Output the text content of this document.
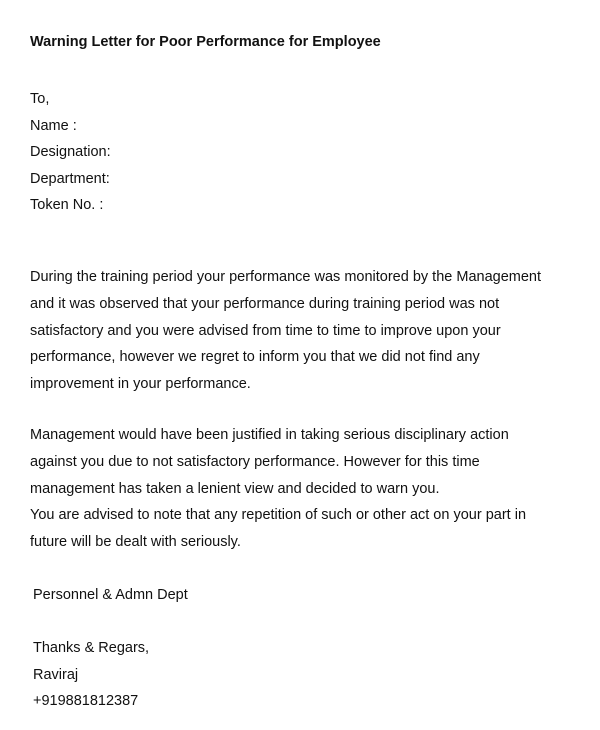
Warning Letter for Poor Performance for Employee
To,
Name :
Designation:
Department:
Token No. :
During the training period your performance was monitored by the Management
and it was observed that your performance during training period was not
satisfactory and you were advised from time to time to improve upon your
performance, however we regret to inform you that we did not find any
improvement in your performance.
Management would have been justified in taking serious disciplinary action
against you due to not satisfactory performance. However for this time
management has taken a lenient view and decided to warn you.
You are advised to note that any repetition of such or other act on your part in
future will be dealt with seriously.
Personnel & Admn Dept
Thanks & Regars,
Raviraj
+919881812387
